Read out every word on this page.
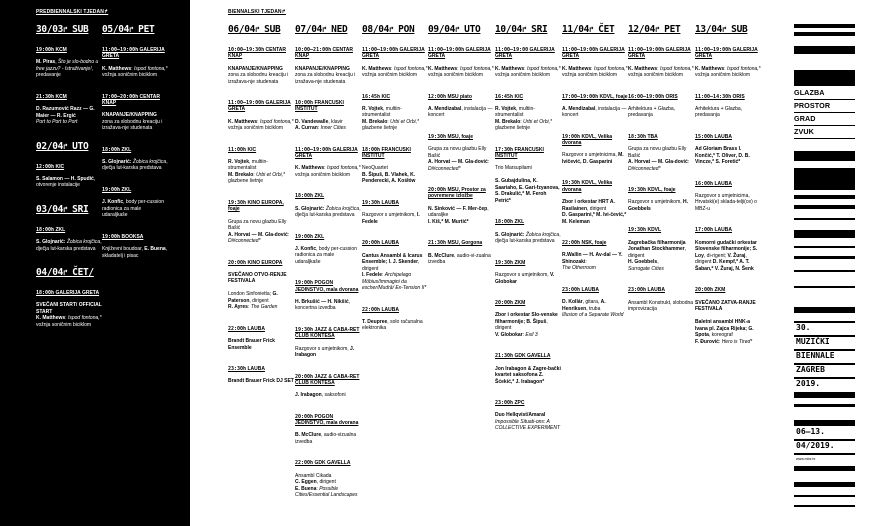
PREDBIENNALSKI TJEDAN↱
30/03↱ SUB
19:00h KCM
M. Piras, Što je slo-bodno u free jazzu? - Istraživanje!, predavanje
21:30h KCM
D. Razumović Razz — G. Maier — R. Ergić
Port to Port to Port
02/04↱ UTO
12:00h KIC
S. Salamon — H. Spudić, otvorenje instalacije
03/04↱ SRI
18:00h ZKL
S. Glojnarić: Žobica krojčica, dječja lut-karska predstava
04/04↱ ČET/
18:00h GALERIJA GRETA
SVEČANI START/ OFFICIAL START
K. Matthews: Ispod fontona,* vožnja soničnim biciklom
05/04↱ PET
11:00—19:00h GALERIJA GRETA
K. Matthews: Ispod fontona,* vožnja soničnim biciklom
17:00—20:00h CENTAR KNAP
KNAPANJE/KNAPPING
zona za slobodnu kreaciju i izražava-nje studenata
18:00h ZKL
S. Glojnarić: Žobica krojčica, dječja lut-karska predstava
19:00h ZKL
J. Konfic, body per-cussion radionica za male udaraljkaše
19:00h BOOKSA
Književni boudoar, E. Buena, skladatelj i pisac
BIENNALSKI TJEDAN↱
06/04↱ SUB
10:00—19:30h CENTAR KNAP
KNAPANJE/KNAPPING
zona za slobodnu kreaciju i izražava-nje studenata
11:00—19:00h GALERIJA GRETA
K. Matthews: Ispod fontona,* vožnja soničnim biciklom
11:00h KIC
R. Vojtek, multiin-strumentalist
M. Brekalo: Urbi et Orbi,* glazbene šetnje
19:30h KINO EUROPA, foaje
Grupa za novu glazbu Elly Bašić
A. Horvat — M. Gla-dović: Di#connected*
20:00h KINO EUROPA
SVEČANO OTVO-RENJE FESTIVALA

London Sinfonietta; G. Paterson, dirigent
R. Ayres: The Garden
22:00h LAUBA
Brandt Brauer Frick Ensemble
23:30h LAUBA
Brandt Brauer Frick DJ SET
07/04↱ NED
10:00—21:00h CENTAR KNAP
KNAPANJE/KNAPPING
zona za slobodnu kreaciju i izražava-nje studenata
10:00h FRANCUSKI INSTITUT
D. Vandewalle, klavir
A. Curran: Inner Cities
11:00—19:00h GALERIJA GRETA
K. Matthews: Ispod fontona,* vožnja soničnim biciklom
18:00h ZKL
S. Glojnarić: Žobica krojčica, dječja lut-karska predstava
19:00h ZKL
J. Konfic, body per-cussion radionica za male udaraljkaše
19:00h POGON JEDINSTVO, mala dvorana
H. Brkušić — H. Nikšić, koncertna izvedba
19:30h JAZZ & CABA-RET CLUB KONTESA
Razgovor s umjetnikom, J. Irabagon
20:00h JAZZ & CABA-RET CLUB KONTESA
J. Irabagon, saksofoni
20:00h POGON JEDINSTVO, mala dvorana
B. McClure, audio-vizualna izvedba
22:00h GDK GAVELLA
Ansambl Cikada
C. Eggen, dirigent
E. Buena: Possible Cities/Essential Landscapes
08/04↱ PON
11:00—19:00h GALERIJA GRETA
K. Matthews: Ispod fontona,* vožnja soničnim biciklom
16:45h KIC
R. Vojtek, multiin-strumentalist
M. Brekalo: Urbi et Orbi,* glazbene šetnje
18:00h FRANCUSKI INSTITUT
NeoQuartet
B. Šipuš, B. Vlahek, K. Penderecki, A. Kośłów
19:30h LAUBA
Razgovor s umjetnikom, I. Fedele
20:00h LAUBA
Cantus Ansambl & Icarus Ensemble; I. J. Skender, dirigent
I. Fedele: Archipelago Möbius/Immagini da escher/Mudrā/ Ex-Tension II*
22:00h LAUBA
T. Deupree, solo računalna elektronika
09/04↱ UTO
11:00—19:00h GALERIJA GRETA
K. Matthews: Ispod fontona,* vožnja soničnim biciklom
12:00h MSU plato
A. Mendizabal, instalacija — koncert
19:30h MSU, foaje
Grupa za novu glazbu Elly Bašić
A. Horvat — M. Gla-dović: Di#connected*
20:00h MSU, Prostor za povremene izložbe
N. Sinković — F. Mer-čep, udaraljke
I. Kiš,* M. Murtić*
21:30h MSU, Gorgona
B. McClure, audio-vi-zualna izvedba
10/04↱ SRI
11:00—19:00 GALERIJA GRETA
K. Matthews: Ispod fontona,* vožnja soničnim biciklom
16:45h KIC
R. Vojtek, multiin-strumentalist
M. Brekalo: Urbi et Orbi,* glazbene šetnje
17:30h FRANCUSKI INSTITUT
Trio Marsupilami

S. Gubajdulina, K. Saariaho, E. Gari-fzyanova, S. Drakulić,* M. Feroh Petrić*
18:00h ZKL
S. Glojnarić: Žobica krojčica, dječja lut-karska predstava
19:30h ZKM
Razgovor s umjetnikom, V. Globokar
20:00h ZKM
Zbor i orkestar Slo-venske filharmonije; B. Šipuš, dirigent
V. Globokar: Exil 3
21:30h GDK GAVELLA
Jon Irabagon & Zagre-bački kvartet saksofona Z. Šćekić,* J. Irabagon*
23:00h ZPC
Duo Hellqvist/Amaral
Impossible Situati-ons: A COLLECTIVE EXPERIMENT
11/04↱ ČET
11:00—19:00h GALERIJA GRETA
K. Matthews: Ispod fontona,* vožnja soničnim biciklom
17:00—19:00h KDVL, foaje
A. Mendizabal, instalacija — koncert
19:00h KDVL, Velika dvorana
Razgovor s umjetnicima, M. Ivičević, D. Gasparini
19:30h KDVL, Velika dvorana
Zbor i orkestar HRT A. Rasilainen, dirigent
D. Gasparini,* M. Ivi-čević,* M. Keleman
22:00h NSK, foaje
R.Wallin — H. Av-dal — Y. Shinozaki:
The Otherroom
23:00h LAUBA
D. Kollár, gitara, A. Henriksen, truba
Illusion of a Separate World
12/04↱ PET
11:00—19:00h GALERIJA GRETA
K. Matthews: Ispod fontona,* vožnja soničnim biciklom
16:00—19:00h ORIS
Arhitektura + Glazba, predavanja
18:30h TBA
Grupa za novu glazbu Elly Bašić
A. Horvat — M. Gla-dović: Di#connected*
19:30h KDVL, foaje
Razgovor s umjetnikom, H. Goebbels
19:30h KDVL
Zagrebačka filharmonija Jonathan Stockhammer, dirigent
H. Goebbels,
Surrogate Cities
23:00h LAUBA
Ansambl Konstrukt, slobodna improvizacija
13/04↱ SUB
11:00—19:00h GALERIJA GRETA
K. Matthews: Ispod fontona,* vožnja soničnim biciklom
11:00—14:30h ORIS
Arhitektura + Glazba, predavanja
15:00h LAUBA
Ad Gloriam Brass I. Končić,* T. Oliver, D. B. Vincze,* S. Foretić*
16:00h LAUBA
Razgovor s umjetnicima, Hrvatski(e) sklada-telji(ce) o MBZ-u
17:00h LAUBA
Komorni gudački orkestar Slovenske filharmonije; S. Loy, di-rigent; V. Žuraj, dirigent D. Kempf,* A. T. Šaban,* V. Žuraj, N. Šenk
20:00h ZKM
SVEČANO ZATVA-RANJE FESTIVALA

Baletni ansambl HNK-a Ivana pl. Zajca Rijeka; G. Spota, koreograf
F. Đurović: Hero is Tired*
GLAZBA
PROSTOR
GRAD
ZVUK
30.
MUZIČKI
BIENNALE
ZAGREB
2019.
06—13.
04/2019.
www.mbz.hr
